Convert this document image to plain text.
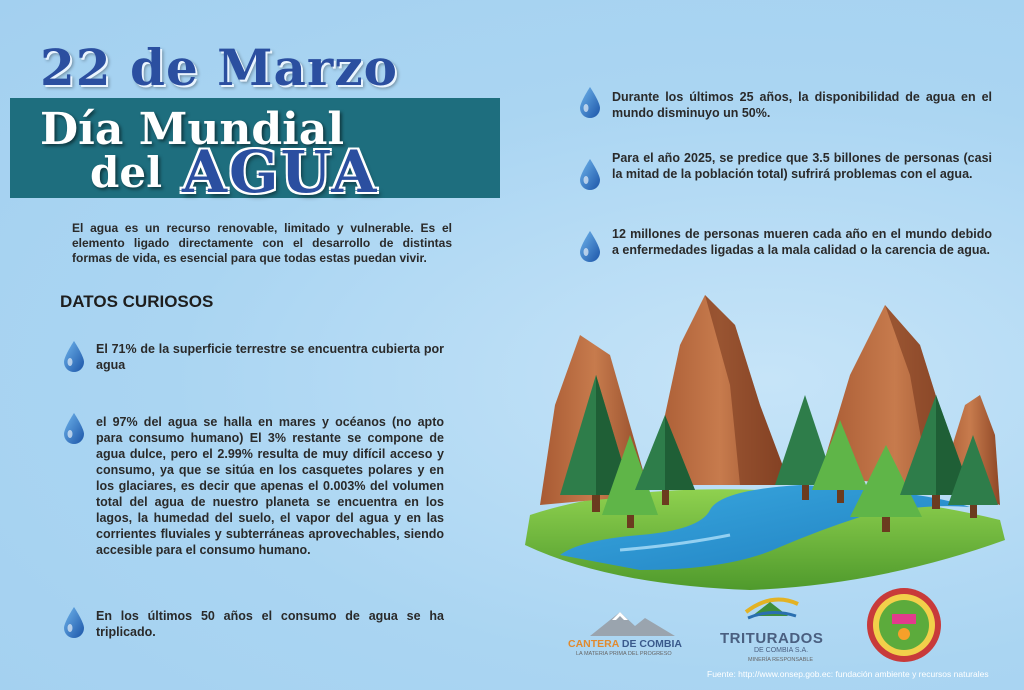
22 de Marzo
Día Mundial
del AGUA
El agua es un recurso renovable, limitado y vulnerable. Es el elemento ligado directamente con el desarrollo de distintas formas de vida, es esencial para que todas estas puedan vivir.
DATOS CURIOSOS
El 71% de la superficie terrestre se encuentra cubierta por agua
el 97% del agua se halla en mares y océanos (no apto para consumo humano) El 3% restante se compone de agua dulce, pero el 2.99% resulta de muy difícil acceso y consumo, ya que se sitúa en los casquetes polares y en los glaciares, es decir que apenas el 0.003% del volumen total del agua de nuestro planeta se encuentra en los lagos, la humedad del suelo, el vapor del agua y en las corrientes fluviales y subterráneas aprovechables, siendo accesible para el consumo humano.
En los últimos 50 años el consumo de agua se ha triplicado.
Durante los últimos 25 años, la disponibilidad de agua en el mundo disminuyo un 50%.
Para el año 2025, se predice que 3.5 billones de personas (casi la mitad de la población total) sufrirá problemas con el agua.
12 millones de personas mueren cada año en el mundo debido a enfermedades ligadas a la mala calidad o la carencia de agua.
CANTERA DE COMBIA
LA MATERIA PRIMA DEL PROGRESO
TRITURADOS
DE COMBIA S.A.
MINERÍA RESPONSABLE
Fuente: http://www.onsep.gob.ec: fundación ambiente y recursos naturales
